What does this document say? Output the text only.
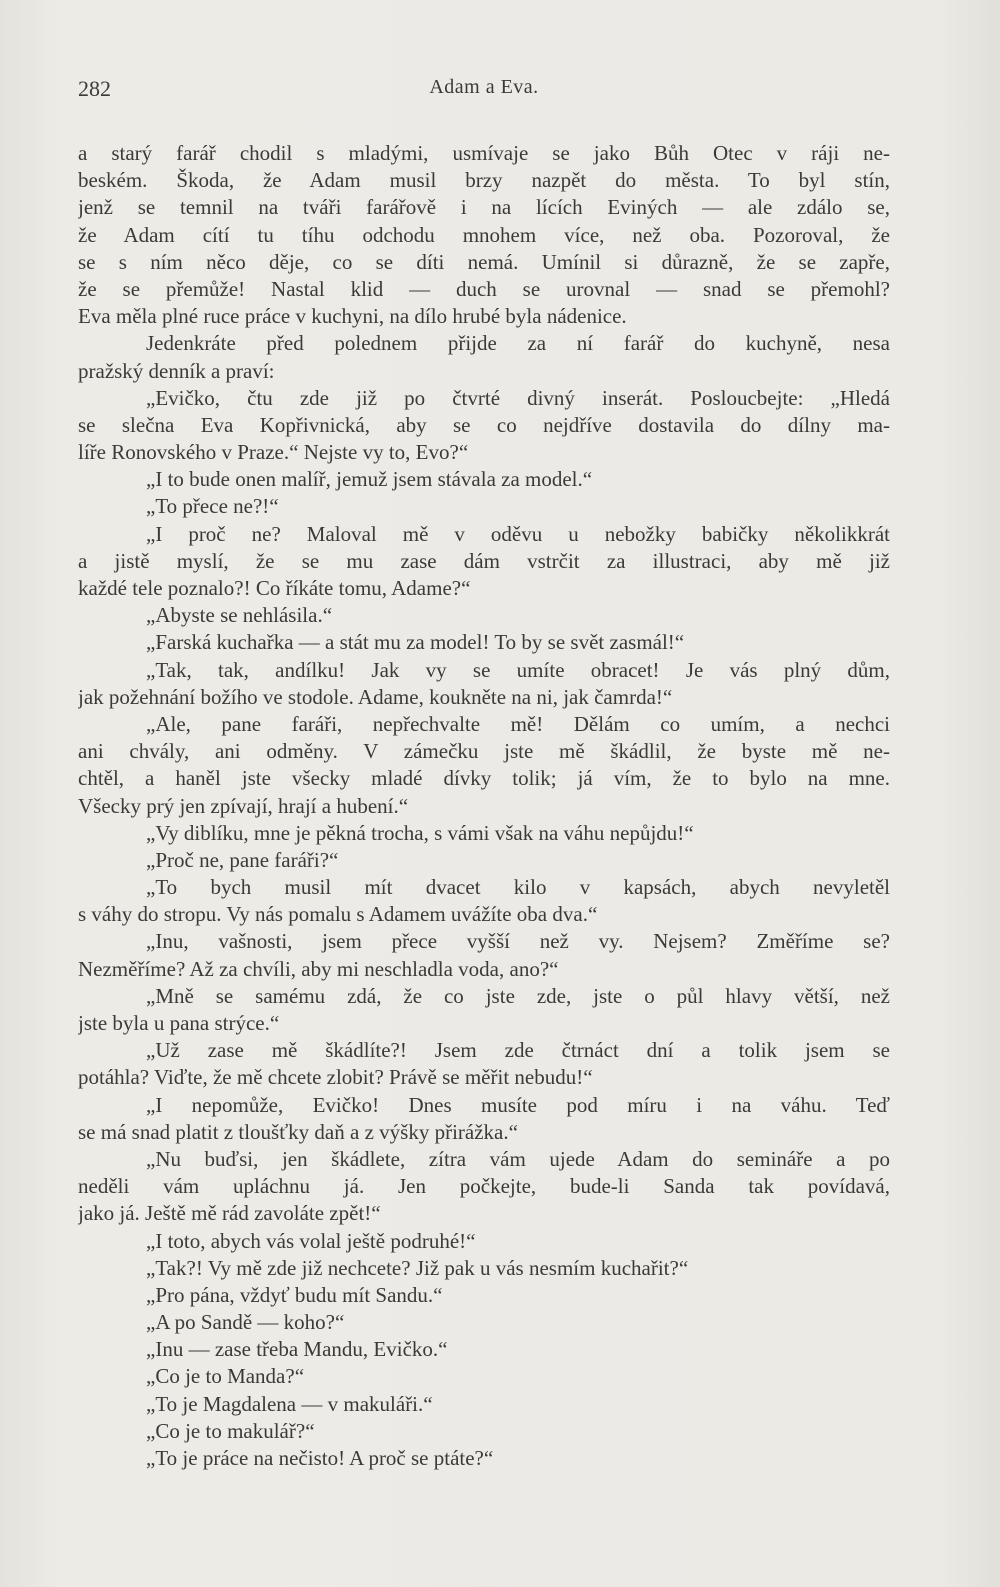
282	Adam a Eva.
a starý farář chodil s mladými, usmívaje se jako Bůh Otec v ráji ne-
beském. Škoda, že Adam musil brzy nazpět do města. To byl stín,
jenž se temnil na tváři farářově i na lících Eviných — ale zdálo se,
že Adam cítí tu tíhu odchodu mnohem více, než oba. Pozoroval, že
se s ním něco děje, co se díti nemá. Umínil si důrazně, že se zapře,
že se přemůže! Nastal klid — duch se urovnal — snad se přemohl?
Eva měla plné ruce práce v kuchyni, na dílo hrubé byla nádenice.
Jedenkráte před polednem přijde za ní farář do kuchyně, nesa
pražský denník a praví:
„Evičko, čtu zde již po čtvrté divný inserát. Posloucbejte: „Hledá
se slečna Eva Kopřivnická, aby se co nejdříve dostavila do dílny ma-
líře Ronovského v Praze.“ Nejste vy to, Evo?“
„I to bude onen malíř, jemuž jsem stávala za model.“
„To přece ne?!“
„I proč ne? Maloval mě v oděvu u nebožky babičky několikkrát
a jistě myslí, že se mu zase dám vstrčit za illustraci, aby mě již
každé tele poznalo?! Co říkáte tomu, Adame?“
„Abyste se nehlásila.“
„Farská kuchařka — a stát mu za model! To by se svět zasmál!“
„Tak, tak, andílku! Jak vy se umíte obracet! Je vás plný dům,
jak požehnání božího ve stodole. Adame, koukněte na ni, jak čamrda!“
„Ale, pane faráři, nepřechvalte mě! Dělám co umím, a nechci
ani chvály, ani odměny. V zámečku jste mě škádlil, že byste mě ne-
chtěl, a haněl jste všecky mladé dívky tolik; já vím, že to bylo na mne.
Všecky prý jen zpívají, hrají a hubení.“
„Vy diblíku, mne je pěkná trocha, s vámi však na váhu nepůjdu!“
„Proč ne, pane faráři?“
„To bych musil mít dvacet kilo v kapsách, abych nevyletěl
s váhy do stropu. Vy nás pomalu s Adamem uvážíte oba dva.“
„Inu, vašnosti, jsem přece vyšší než vy. Nejsem? Změříme se?
Nezměříme? Až za chvíli, aby mi neschladla voda, ano?“
„Mně se samému zdá, že co jste zde, jste o půl hlavy větší, než
jste byla u pana strýce.“
„Už zase mě škádlíte?! Jsem zde čtrnáct dní a tolik jsem se
potáhla? Viďte, že mě chcete zlobit? Právě se měřit nebudu!“
„I nepomůže, Evičko! Dnes musíte pod míru i na váhu. Teď
se má snad platit z tloušťky daň a z výšky přirážka.“
„Nu buďsi, jen škádlete, zítra vám ujede Adam do semináře a po
neděli vám upláchnu já. Jen počkejte, bude-li Sanda tak povídavá,
jako já. Ještě mě rád zavoláte zpět!“
„I toto, abych vás volal ještě podruhé!“
„Tak?! Vy mě zde již nechcete? Již pak u vás nesmím kuchařit?“
„Pro pána, vždyť budu mít Sandu.“
„A po Sandě — koho?“
„Inu — zase třeba Mandu, Evičko.“
„Co je to Manda?“
„To je Magdalena — v makuláři.“
„Co je to makulář?“
„To je práce na nečisto! A proč se ptáte?“
